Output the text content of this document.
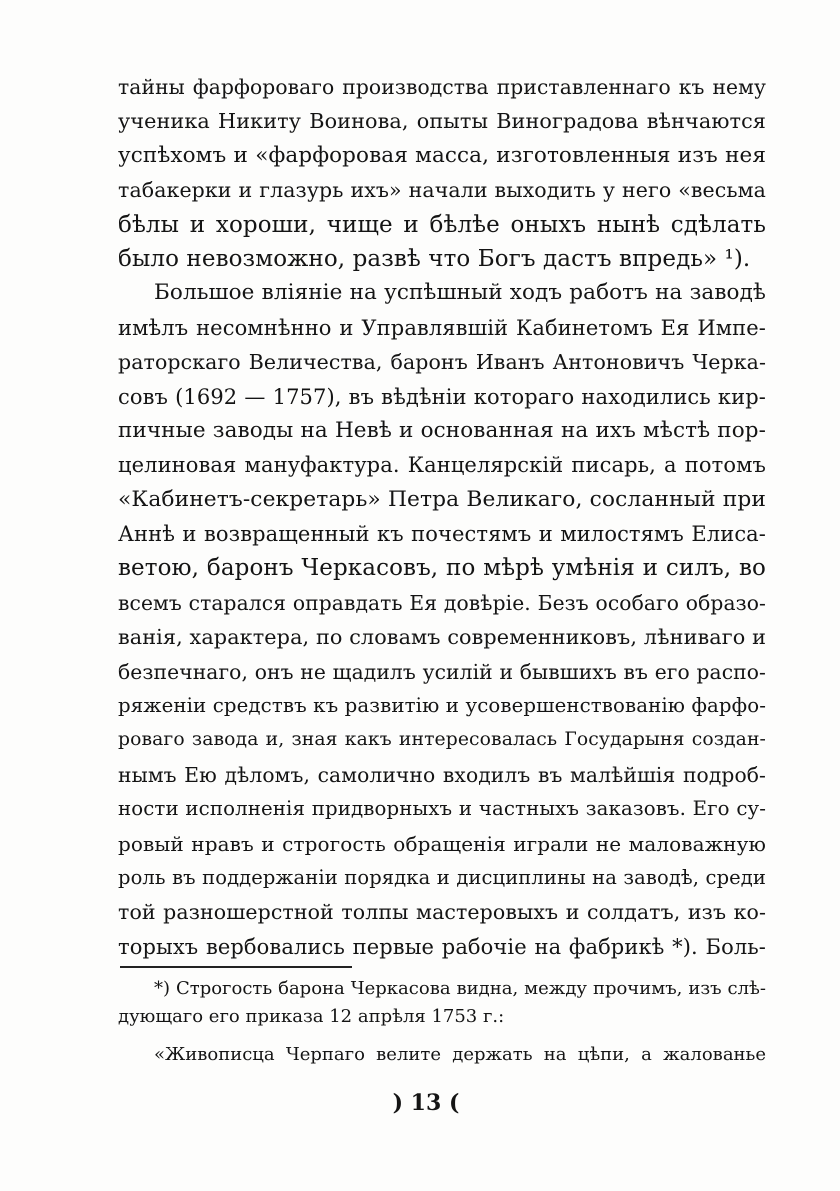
тайны фарфороваго производства приставленнаго къ нему
ученика Никиту Воинова, опыты Виноградова вѣнчаются
успѣхомъ и «фарфоровая масса, изготовленныя изъ нея
табакерки и глазурь ихъ» начали выходить у него «весьма
бѣлы и хороши, чище и бѣлѣе оныхъ нынѣ сдѣлать
было невозможно, развѣ что Богъ дастъ впредь» ¹).
Большое вліяніе на успѣшный ходъ работъ на заводѣ
имѣлъ несомнѣнно и Управлявшій Кабинетомъ Ея Импе-
раторскаго Величества, баронъ Иванъ Антоновичъ Черка-
совъ (1692 — 1757), въ вѣдѣніи котораго находились кир-
пичные заводы на Невѣ и основанная на ихъ мѣстѣ пор-
целиновая мануфактура. Канцелярскій писарь, а потомъ
«Кабинетъ-секретарь» Петра Великаго, сосланный при
Аннѣ и возвращенный къ почестямъ и милостямъ Елиса-
ветою, баронъ Черкасовъ, по мѣрѣ умѣнія и силъ, во
всемъ старался оправдать Ея довѣріе. Безъ особаго образо-
ванія, характера, по словамъ современниковъ, лѣниваго и
безпечнаго, онъ не щадилъ усилій и бывшихъ въ его распо-
ряженіи средствъ къ развитію и усовершенствованію фарфо-
роваго завода и, зная какъ интересовалась Государыня создан-
нымъ Ею дѣломъ, самолично входилъ въ малѣйшія подроб-
ности исполненія придворныхъ и частныхъ заказовъ. Его су-
ровый нравъ и строгость обращенія играли не маловажную
роль въ поддержаніи порядка и дисциплины на заводѣ, среди
той разношерстной толпы мастеровыхъ и солдатъ, изъ ко-
торыхъ вербовались первые рабочіе на фабрикѣ *). Боль-
*) Строгость барона Черкасова видна, между прочимъ, изъ слѣ-
дующаго его приказа 12 апрѣля 1753 г.:
«Живописца Черпаго велите держать на цѣпи, а жалованье
) 13 (
